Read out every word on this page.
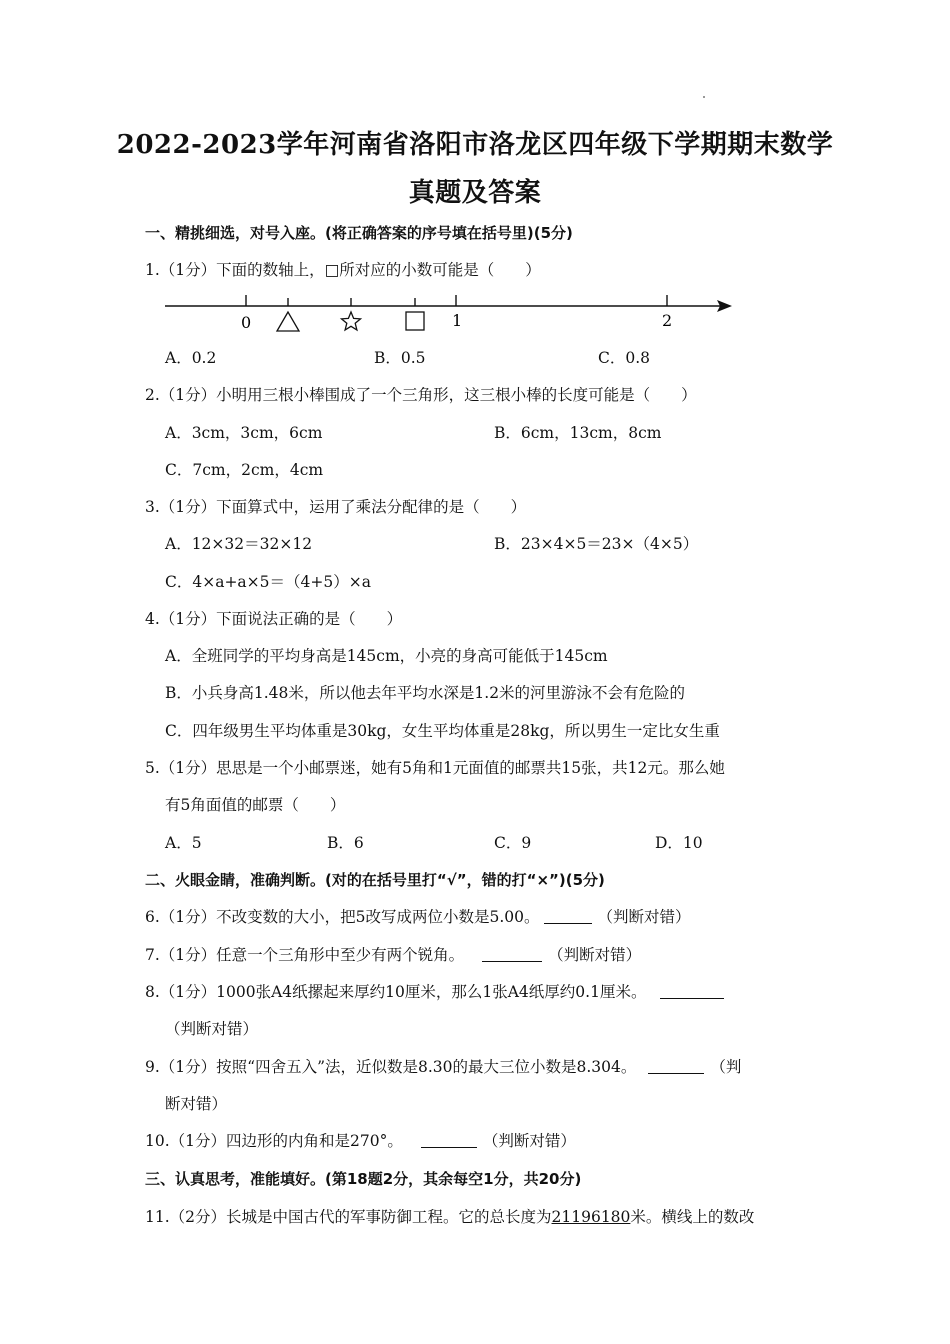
2022-2023学年河南省洛阳市洛龙区四年级下学期期末数学
真题及答案
一、精挑细选，对号入座。(将正确答案的序号填在括号里)(5分)
1.（1分）下面的数轴上，□所对应的小数可能是（　　）
0	1	2
A．0.2	B．0.5	C．0.8
2.（1分）小明用三根小棒围成了一个三角形，这三根小棒的长度可能是（　　）
A．3cm，3cm，6cm	B．6cm，13cm，8cm
C．7cm，2cm，4cm
3.（1分）下面算式中，运用了乘法分配律的是（　　）
A．12×32＝32×12	B．23×4×5＝23×（4×5）
C．4×a+a×5＝（4+5）×a
4.（1分）下面说法正确的是（　　）
A．全班同学的平均身高是145cm，小亮的身高可能低于145cm
B．小兵身高1.48米，所以他去年平均水深是1.2米的河里游泳不会有危险的
C．四年级男生平均体重是30kg，女生平均体重是28kg，所以男生一定比女生重
5.（1分）思思是一个小邮票迷，她有5角和1元面值的邮票共15张，共12元。那么她
有5角面值的邮票（　　）
A．5	B．6	C．9	D．10
二、火眼金睛，准确判断。(对的在括号里打“√”，错的打“×”)(5分)
6.（1分）不改变数的大小，把5改写成两位小数是5.00。	（判断对错）
7.（1分）任意一个三角形中至少有两个锐角。	（判断对错）
8.（1分）1000张A4纸摞起来厚约10厘米，那么1张A4纸厚约0.1厘米。
（判断对错）
9.（1分）按照“四舍五入”法，近似数是8.30的最大三位小数是8.304。	（判
断对错）
10.（1分）四边形的内角和是270°。	（判断对错）
三、认真思考，准能填好。(第18题2分，其余每空1分，共20分)
11.（2分）长城是中国古代的军事防御工程。它的总长度为21196180米。横线上的数改
